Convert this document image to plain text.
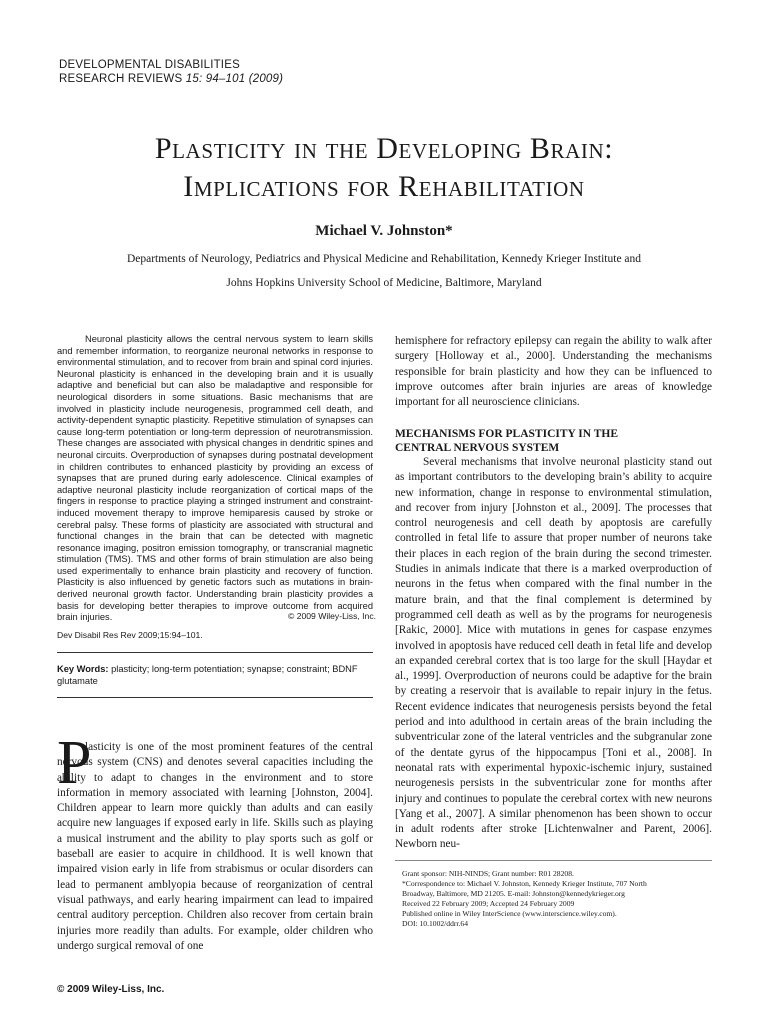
DEVELOPMENTAL DISABILITIES
RESEARCH REVIEWS 15: 94–101 (2009)
Plasticity in the Developing Brain:
Implications for Rehabilitation
Michael V. Johnston*
Departments of Neurology, Pediatrics and Physical Medicine and Rehabilitation, Kennedy Krieger Institute and
Johns Hopkins University School of Medicine, Baltimore, Maryland

Neuronal plasticity allows the central nervous system to learn skills and remember information, to reorganize neuronal networks in response to environmental stimulation, and to recover from brain and spinal cord injuries. Neuronal plasticity is enhanced in the developing brain and it is usually adaptive and beneficial but can also be maladaptive and responsible for neurological disorders in some situations. Basic mechanisms that are involved in plasticity include neurogenesis, programmed cell death, and activity-dependent synaptic plasticity. Repetitive stimulation of synapses can cause long-term potentiation or long-term depression of neurotransmission. These changes are associated with physical changes in dendritic spines and neuronal circuits. Overproduction of synapses during postnatal development in children contributes to enhanced plasticity by providing an excess of synapses that are pruned during early adolescence. Clinical examples of adaptive neuronal plasticity include reorganization of cortical maps of the fingers in response to practice playing a stringed instrument and constraint-induced movement therapy to improve hemiparesis caused by stroke or cerebral palsy. These forms of plasticity are associated with structural and functional changes in the brain that can be detected with magnetic resonance imaging, positron emission tomography, or transcranial magnetic stimulation (TMS). TMS and other forms of brain stimulation are also being used experimentally to enhance brain plasticity and recovery of function. Plasticity is also influenced by genetic factors such as mutations in brain-derived neuronal growth factor. Understanding brain plasticity provides a basis for developing better therapies to improve outcome from acquired brain injuries.	© 2009 Wiley-Liss, Inc.
Dev Disabil Res Rev 2009;15:94–101.

Key Words: plasticity; long-term potentiation; synapse; constraint; BDNF glutamate

P

lasticity is one of the most prominent features of the central nervous system (CNS) and denotes several capacities including the ability to adapt to changes in the environment and to store information in memory associated with learning [Johnston, 2004]. Children appear to learn more quickly than adults and can easily acquire new languages if exposed early in life. Skills such as playing a musical instrument and the ability to play sports such as golf or baseball are easier to acquire in childhood. It is well known that impaired vision early in life from strabismus or ocular disorders can lead to permanent amblyopia because of reorganization of central visual pathways, and early hearing impairment can lead to impaired central auditory perception. Children also recover from certain brain injuries more readily than adults. For example, older children who undergo surgical removal of one

hemisphere for refractory epilepsy can regain the ability to walk after surgery [Holloway et al., 2000]. Understanding the mechanisms responsible for brain plasticity and how they can be influenced to improve outcomes after brain injuries are areas of knowledge important for all neuroscience clinicians.

MECHANISMS FOR PLASTICITY IN THE
CENTRAL NERVOUS SYSTEM

Several mechanisms that involve neuronal plasticity stand out as important contributors to the developing brain’s ability to acquire new information, change in response to environmental stimulation, and recover from injury [Johnston et al., 2009]. The processes that control neurogenesis and cell death by apoptosis are carefully controlled in fetal life to assure that proper number of neurons take their places in each region of the brain during the second trimester. Studies in animals indicate that there is a marked overproduction of neurons in the fetus when compared with the final number in the mature brain, and that the final complement is determined by programmed cell death as well as by the programs for neurogenesis [Rakic, 2000]. Mice with mutations in genes for caspase enzymes involved in apoptosis have reduced cell death in fetal life and develop an expanded cerebral cortex that is too large for the skull [Haydar et al., 1999]. Overproduction of neurons could be adaptive for the brain by creating a reservoir that is available to repair injury in the fetus. Recent evidence indicates that neurogenesis persists beyond the fetal period and into adulthood in certain areas of the brain including the subventricular zone of the lateral ventricles and the subgranular zone of the dentate gyrus of the hippocampus [Toni et al., 2008]. In neonatal rats with experimental hypoxic-ischemic injury, sustained neurogenesis persists in the subventricular zone for months after injury and continues to populate the cerebral cortex with new neurons [Yang et al., 2007]. A similar phenomenon has been shown to occur in adult rodents after stroke [Lichtenwalner and Parent, 2006]. Newborn neu-

Grant sponsor: NIH-NINDS; Grant number: R01 28208.
*Correspondence to: Michael V. Johnston, Kennedy Krieger Institute, 707 North
Broadway, Baltimore, MD 21205. E-mail: Johnston@kennedykrieger.org
Received 22 February 2009; Accepted 24 February 2009
Published online in Wiley InterScience (www.interscience.wiley.com).
DOI: 10.1002/ddrr.64
© 2009 Wiley-Liss, Inc.
